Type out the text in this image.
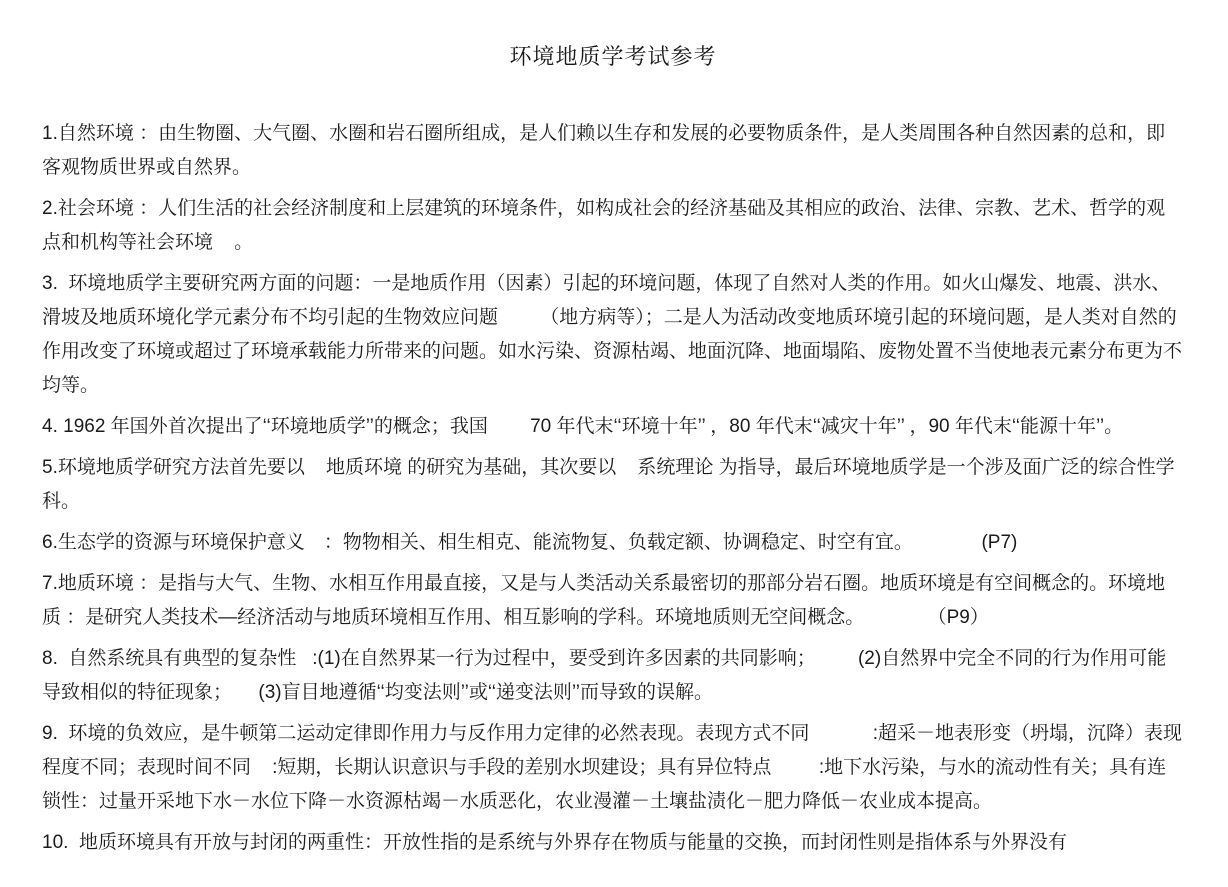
环境地质学考试参考
1.自然环境 ：由生物圈、大气圈、水圈和岩石圈所组成，是人们赖以生存和发展的必要物质条件，是人类周围各种自然因素的总和，即客观物质世界或自然界。
2.社会环境 ：人们生活的社会经济制度和上层建筑的环境条件，如构成社会的经济基础及其相应的政治、法律、宗教、艺术、哲学的观点和机构等社会环境    。
3.  环境地质学主要研究两方面的问题：一是地质作用（因素）引起的环境问题，体现了自然对人类的作用。如火山爆发、地震、洪水、滑坡及地质环境化学元素分布不均引起的生物效应问题        （地方病等）；二是人为活动改变地质环境引起的环境问题，是人类对自然的作用改变了环境或超过了环境承载能力所带来的问题。如水污染、资源枯竭、地面沉降、地面塌陷、废物处置不当使地表元素分布更为不均等。
4. 1962 年国外首次提出了‘‘环境地质学’’的概念；我国        70 年代末‘‘环境十年’’ ，80 年代末‘‘减灾十年’’ ，90 年代末‘‘能源十年’’。
5.环境地质学研究方法首先要以    地质环境 的研究为基础，其次要以    系统理论 为指导，最后环境地质学是一个涉及面广泛的综合性学科。
6.生态学的资源与环境保护意义　：物物相关、相生相克、能流物复、负载定额、协调稳定、时空有宜。             (P7)
7.地质环境 ：是指与大气、生物、水相互作用最直接，又是与人类活动关系最密切的那部分岩石圈。地质环境是有空间概念的。环境地质 ：是研究人类技术—经济活动与地质环境相互作用、相互影响的学科。环境地质则无空间概念。            （P9）
8.  自然系统具有典型的复杂性   :(1)在自然界某一行为过程中，要受到许多因素的共同影响；        (2)自然界中完全不同的行为作用可能导致相似的特征现象；     (3)盲目地遵循‘‘均变法则’’或‘‘递变法则’’而导致的误解。
9.  环境的负效应，是牛顿第二运动定律即作用力与反作用力定律的必然表现。表现方式不同            :超采－地表形变（坍塌，沉降）表现程度不同；表现时间不同    :短期，长期认识意识与手段的差别水坝建设；具有异位特点         :地下水污染，与水的流动性有关；具有连锁性：过量开采地下水－水位下降－水资源枯竭－水质恶化，农业漫灌－土壤盐渍化－肥力降低－农业成本提高。
10.  地质环境具有开放与封闭的两重性：开放性指的是系统与外界存在物质与能量的交换，而封闭性则是指体系与外界没有
